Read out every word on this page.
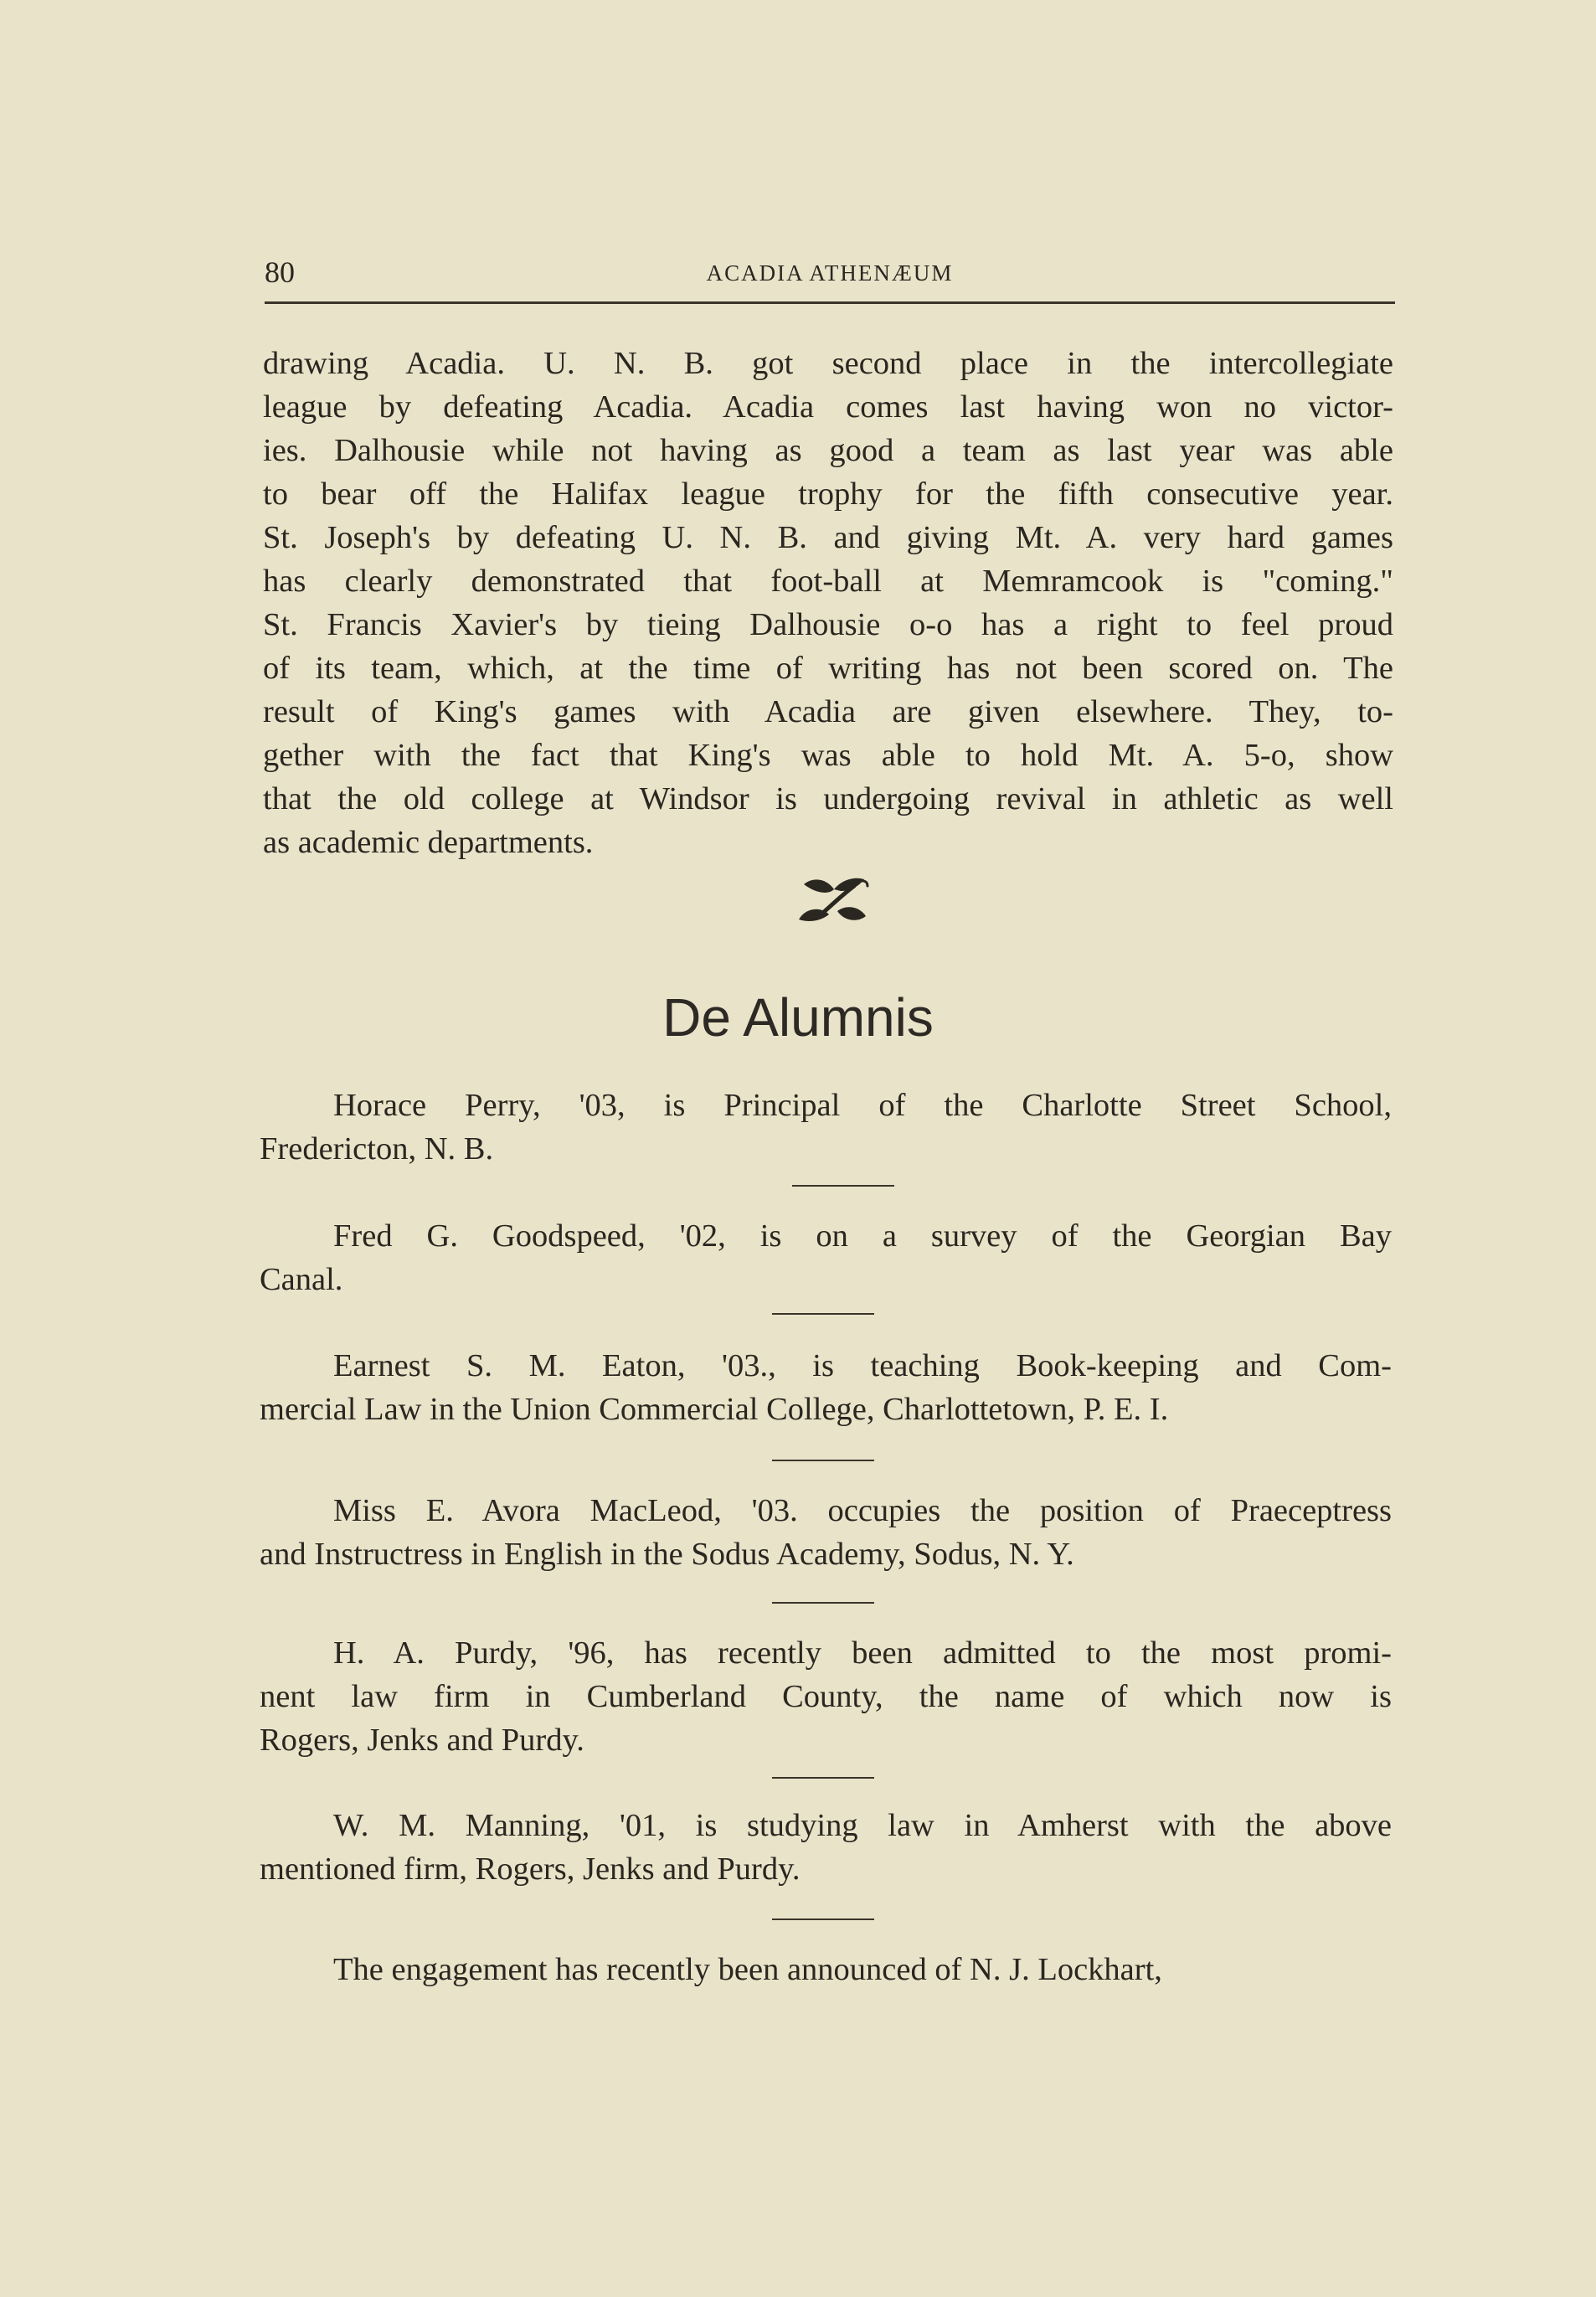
80	ACADIA ATHENÆUM
drawing Acadia. U. N. B. got second place in the intercollegiate
league by defeating Acadia. Acadia comes last having won no victor-
ies. Dalhousie while not having as good a team as last year was able
to bear off the Halifax league trophy for the fifth consecutive year.
St. Joseph's by defeating U. N. B. and giving Mt. A. very hard games
has clearly demonstrated that foot-ball at Memramcook is "coming."
St. Francis Xavier's by tieing Dalhousie o-o has a right to feel proud
of its team, which, at the time of writing has not been scored on. The
result of King's games with Acadia are given elsewhere. They, to-
gether with the fact that King's was able to hold Mt. A. 5-o, show
that the old college at Windsor is undergoing revival in athletic as well
as academic departments.
De Alumnis
Horace Perry, '03, is Principal of the Charlotte Street School,
Fredericton, N. B.
Fred G. Goodspeed, '02, is on a survey of the Georgian Bay
Canal.
Earnest S. M. Eaton, '03., is teaching Book-keeping and Com-
mercial Law in the Union Commercial College, Charlottetown, P. E. I.
Miss E. Avora MacLeod, '03. occupies the position of Praeceptress
and Instructress in English in the Sodus Academy, Sodus, N. Y.
H. A. Purdy, '96, has recently been admitted to the most promi-
nent law firm in Cumberland County, the name of which now is
Rogers, Jenks and Purdy.
W. M. Manning, '01, is studying law in Amherst with the above
mentioned firm, Rogers, Jenks and Purdy.
The engagement has recently been announced of N. J. Lockhart,
